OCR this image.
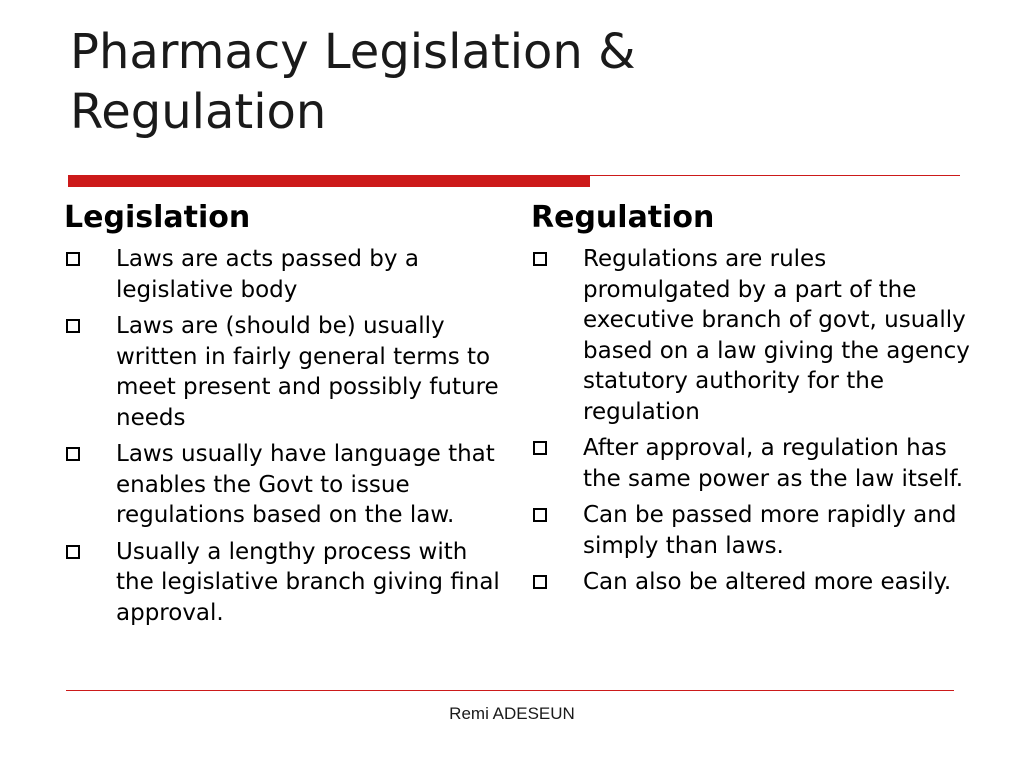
Pharmacy Legislation &
Regulation
Legislation
Laws are acts passed by a legislative body
Laws are (should be) usually written in fairly general terms to meet present and possibly future needs
Laws usually have language that enables the Govt to issue regulations based on the law.
Usually a lengthy process with the legislative branch giving final approval.
Regulation
Regulations are rules promulgated by a part of the executive branch of govt, usually based on a law giving the agency statutory authority for the regulation
After approval, a regulation has the same power as the law itself.
Can be passed more rapidly and simply than laws.
Can also be altered more easily.
Remi ADESEUN
